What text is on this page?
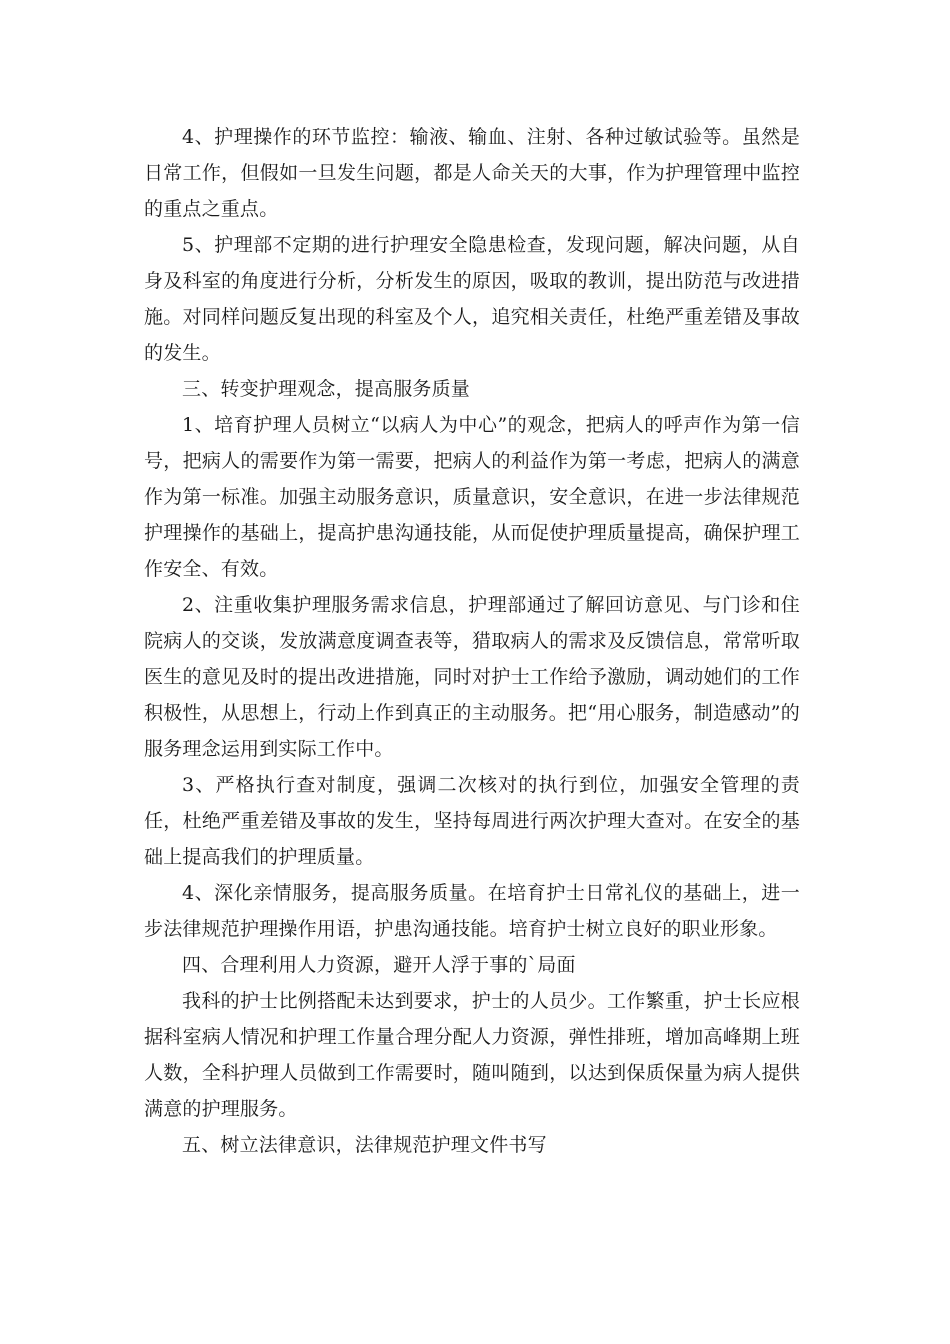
4、护理操作的环节监控：输液、输血、注射、各种过敏试验等。虽然是日常工作，但假如一旦发生问题，都是人命关天的大事，作为护理管理中监控的重点之重点。

5、护理部不定期的进行护理安全隐患检查，发现问题，解决问题，从自身及科室的角度进行分析，分析发生的原因，吸取的教训，提出防范与改进措施。对同样问题反复出现的科室及个人，追究相关责任，杜绝严重差错及事故的发生。

三、转变护理观念，提高服务质量

1、培育护理人员树立“以病人为中心”的观念，把病人的呼声作为第一信号，把病人的需要作为第一需要，把病人的利益作为第一考虑，把病人的满意作为第一标准。加强主动服务意识，质量意识，安全意识，在进一步法律规范护理操作的基础上，提高护患沟通技能，从而促使护理质量提高，确保护理工作安全、有效。

2、注重收集护理服务需求信息，护理部通过了解回访意见、与门诊和住院病人的交谈，发放满意度调查表等，猎取病人的需求及反馈信息，常常听取医生的意见及时的提出改进措施，同时对护士工作给予激励，调动她们的工作积极性，从思想上，行动上作到真正的主动服务。把“用心服务，制造感动”的服务理念运用到实际工作中。

3、严格执行查对制度，强调二次核对的执行到位，加强安全管理的责任，杜绝严重差错及事故的发生，坚持每周进行两次护理大查对。在安全的基础上提高我们的护理质量。

4、深化亲情服务，提高服务质量。在培育护士日常礼仪的基础上，进一步法律规范护理操作用语，护患沟通技能。培育护士树立良好的职业形象。

四、合理利用人力资源，避开人浮于事的`局面

我科的护士比例搭配未达到要求，护士的人员少。工作繁重，护士长应根据科室病人情况和护理工作量合理分配人力资源，弹性排班，增加高峰期上班人数，全科护理人员做到工作需要时，随叫随到，以达到保质保量为病人提供满意的护理服务。

五、树立法律意识，法律规范护理文件书写
